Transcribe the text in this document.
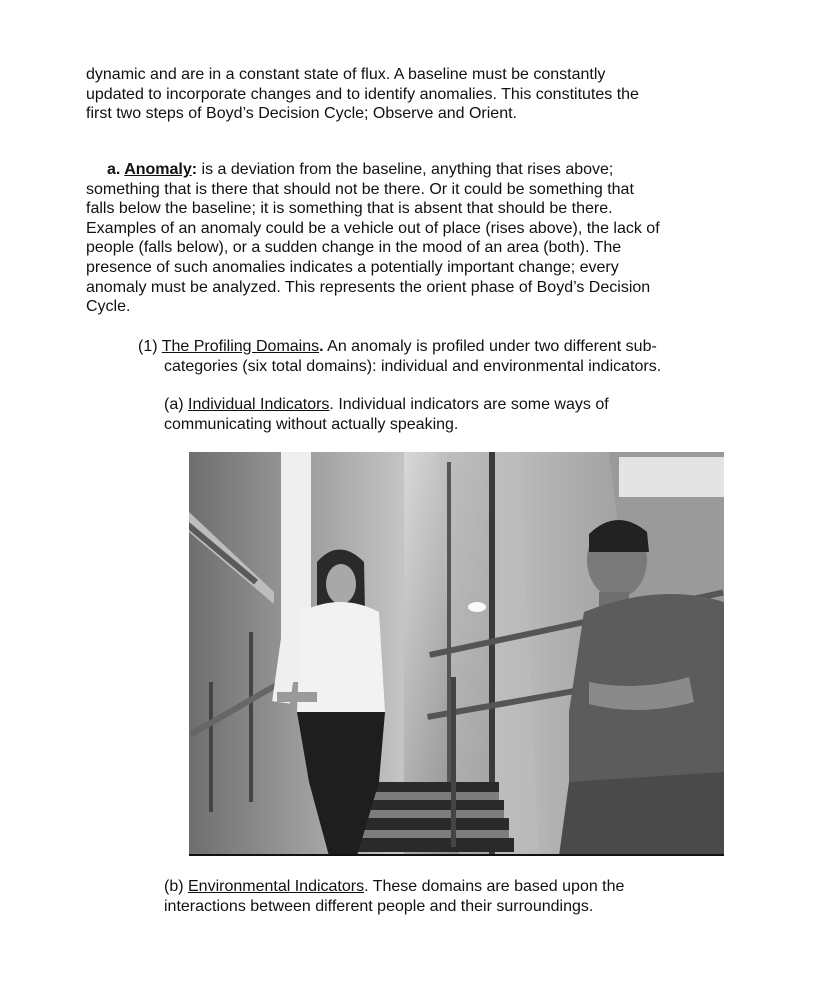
dynamic and are in a constant state of flux. A baseline must be constantly
updated to incorporate changes and to identify anomalies. This constitutes the
first two steps of Boyd’s Decision Cycle; Observe and Orient.

a. Anomaly: is a deviation from the baseline, anything that rises above;
something that is there that should not be there. Or it could be something that
falls below the baseline; it is something that is absent that should be there.
Examples of an anomaly could be a vehicle out of place (rises above), the lack of
people (falls below), or a sudden change in the mood of an area (both). The
presence of such anomalies indicates a potentially important change; every
anomaly must be analyzed. This represents the orient phase of Boyd’s Decision
Cycle.

(1) The Profiling Domains. An anomaly is profiled under two different sub-
categories (six total domains): individual and environmental indicators.

(a) Individual Indicators. Individual indicators are some ways of
communicating without actually speaking.

(b) Environmental Indicators. These domains are based upon the
interactions between different people and their surroundings.
